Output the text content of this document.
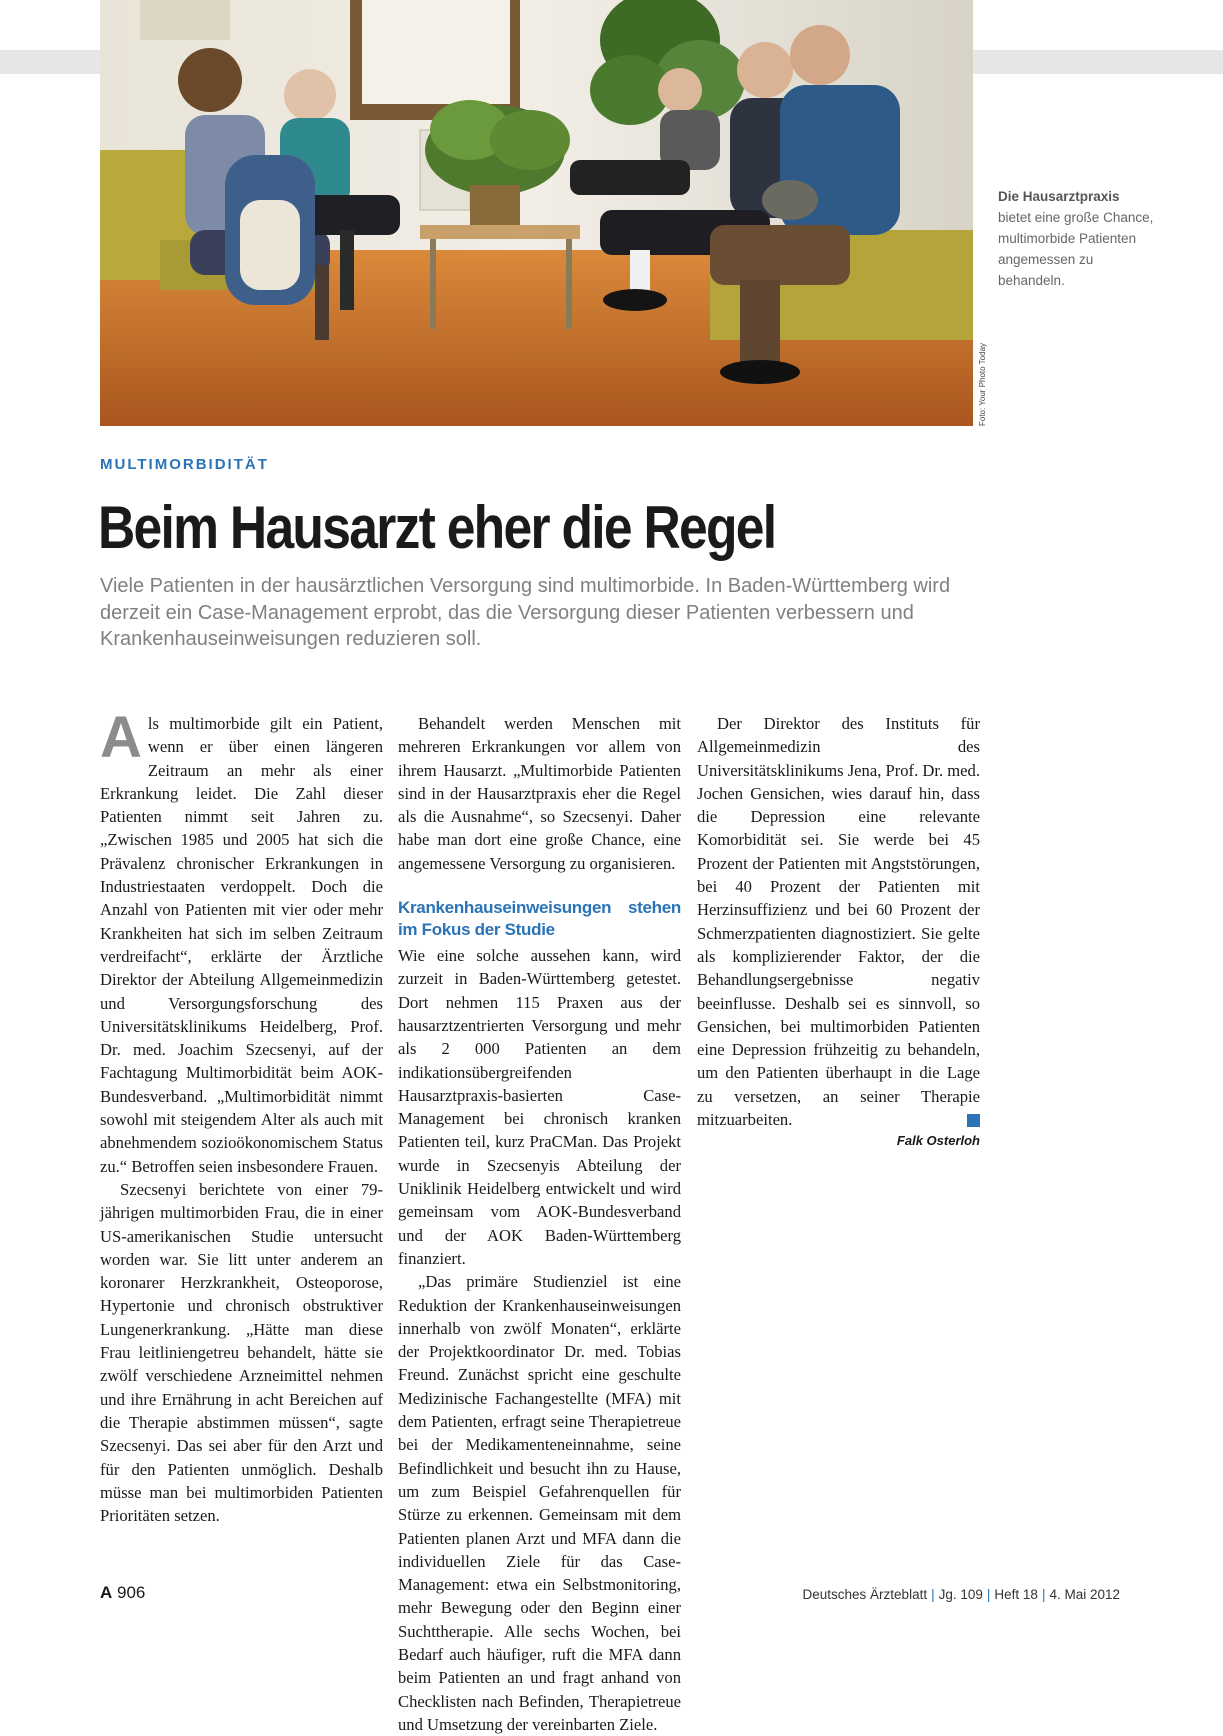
Foto: Your Photo Today
Die Hausarztpraxis
bietet eine große Chance, multimorbide Patienten angemessen zu behandeln.
MULTIMORBIDITÄT
Beim Hausarzt eher die Regel

Viele Patienten in der hausärztlichen Versorgung sind multimorbide. In Baden-Württemberg wird derzeit ein Case-Management erprobt, das die Versorgung dieser Patienten verbessern und Krankenhauseinweisungen reduzieren soll.

Als multimorbide gilt ein Patient, wenn er über einen längeren Zeitraum an mehr als einer Erkrankung leidet. Die Zahl dieser Patienten nimmt seit Jahren zu. „Zwischen 1985 und 2005 hat sich die Prävalenz chronischer Erkrankungen in Industriestaaten verdoppelt. Doch die Anzahl von Patienten mit vier oder mehr Krankheiten hat sich im selben Zeitraum verdreifacht“, erklärte der Ärztliche Direktor der Abteilung Allgemeinmedizin und Versorgungsforschung des Universitätsklinikums Heidelberg, Prof. Dr. med. Joachim Szecsenyi, auf der Fachtagung Multimorbidität beim AOK-Bundesverband. „Multimorbidität nimmt sowohl mit steigendem Alter als auch mit abnehmendem sozioökonomischem Status zu.“ Betroffen seien insbesondere Frauen.

Szecsenyi berichtete von einer 79-jährigen multimorbiden Frau, die in einer US-amerikanischen Studie untersucht worden war. Sie litt unter anderem an koronarer Herzkrankheit, Osteoporose, Hypertonie und chronisch obstruktiver Lungenerkrankung. „Hätte man diese Frau leitliniengetreu behandelt, hätte sie zwölf verschiedene Arzneimittel nehmen und ihre Ernährung in acht Bereichen auf die Therapie abstimmen müssen“, sagte Szecsenyi. Das sei aber für den Arzt und für den Patienten unmöglich. Deshalb müsse man bei multimorbiden Patienten Prioritäten setzen.

Behandelt werden Menschen mit mehreren Erkrankungen vor allem von ihrem Hausarzt. „Multimorbide Patienten sind in der Hausarztpraxis eher die Regel als die Ausnahme“, so Szecsenyi. Daher habe man dort eine große Chance, eine angemessene Versorgung zu organisieren.

Krankenhauseinweisungen stehen im Fokus der Studie

Wie eine solche aussehen kann, wird zurzeit in Baden-Württemberg getestet. Dort nehmen 115 Praxen aus der hausarztzentrierten Versorgung und mehr als 2 000 Patienten an dem indikationsübergreifenden Hausarztpraxis-basierten Case-Management bei chronisch kranken Patienten teil, kurz PraCMan. Das Projekt wurde in Szecsenyis Abteilung der Uniklinik Heidelberg entwickelt und wird gemeinsam vom AOK-Bundesverband und der AOK Baden-Württemberg finanziert.

„Das primäre Studienziel ist eine Reduktion der Krankenhauseinweisungen innerhalb von zwölf Monaten“, erklärte der Projektkoordinator Dr. med. Tobias Freund. Zunächst spricht eine geschulte Medizinische Fachangestellte (MFA) mit dem Patienten, erfragt seine Therapietreue bei der Medikamenteneinnahme, seine Befindlichkeit und besucht ihn zu Hause, um zum Beispiel Gefahrenquellen für Stürze zu erkennen. Gemeinsam mit dem Patienten planen Arzt und MFA dann die individuellen Ziele für das Case-Management: etwa ein Selbstmonitoring, mehr Bewegung oder den Beginn einer Suchttherapie. Alle sechs Wochen, bei Bedarf auch häufiger, ruft die MFA dann beim Patienten an und fragt anhand von Checklisten nach Befinden, Therapietreue und Umsetzung der vereinbarten Ziele.

Der Direktor des Instituts für Allgemeinmedizin des Universitätsklinikums Jena, Prof. Dr. med. Jochen Gensichen, wies darauf hin, dass die Depression eine relevante Komorbidität sei. Sie werde bei 45 Prozent der Patienten mit Angststörungen, bei 40 Prozent der Patienten mit Herzinsuffizienz und bei 60 Prozent der Schmerzpatienten diagnostiziert. Sie gelte als komplizierender Faktor, der die Behandlungsergebnisse negativ beeinflusse. Deshalb sei es sinnvoll, so Gensichen, bei multimorbiden Patienten eine Depression frühzeitig zu behandeln, um den Patienten überhaupt in die Lage zu versetzen, an seiner Therapie mitzuarbeiten.

Falk Osterloh
A 906	Deutsches Ärzteblatt | Jg. 109 | Heft 18 | 4. Mai 2012
